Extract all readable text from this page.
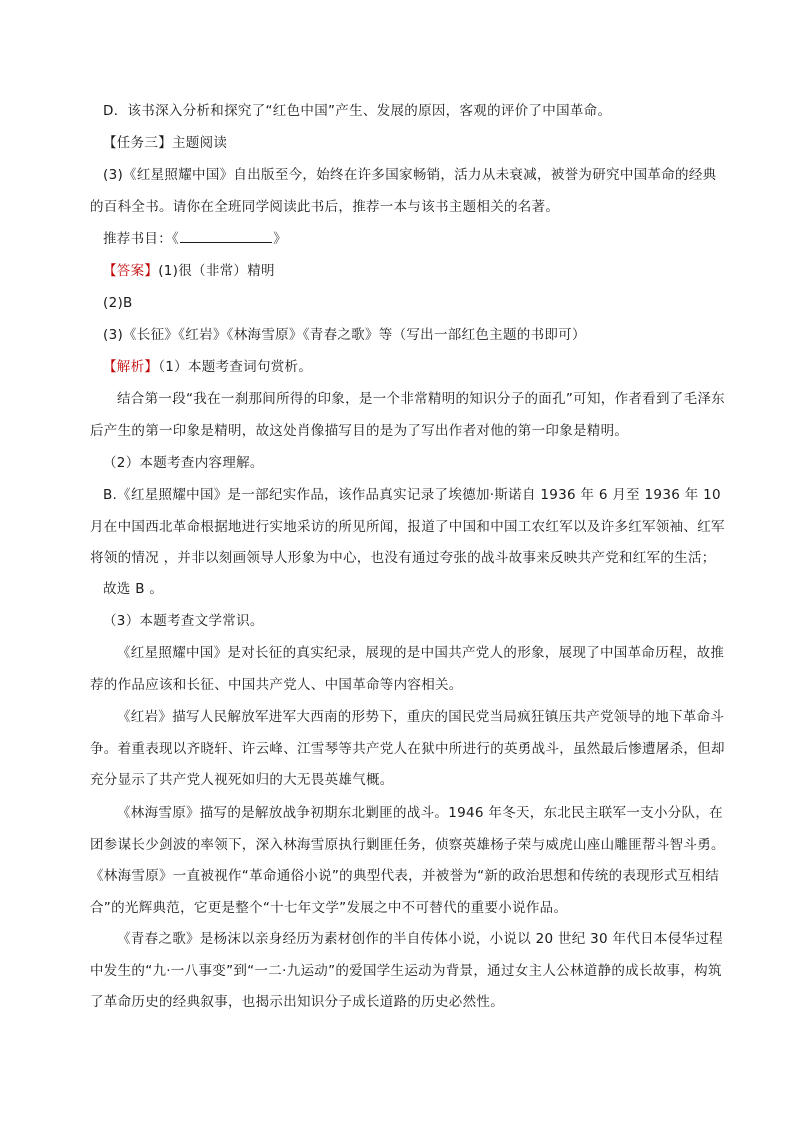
D．该书深入分析和探究了“红色中国”产生、发展的原因，客观的评价了中国革命。

【任务三】主题阅读

(3)《红星照耀中国》自出版至今，始终在许多国家畅销，活力从未衰减，被誉为研究中国革命的经典的百科全书。请你在全班同学阅读此书后，推荐一本与该书主题相关的名著。

推荐书目：《	》

【答案】(1)很（非常）精明

(2)B

(3)《长征》《红岩》《林海雪原》《青春之歌》等（写出一部红色主题的书即可）

【解析】（1）本题考查词句赏析。

结合第一段“我在一刹那间所得的印象，是一个非常精明的知识分子的面孔”可知，作者看到了毛泽东后产生的第一印象是精明，故这处肖像描写目的是为了写出作者对他的第一印象是精明。

（2）本题考查内容理解。

B.《红星照耀中国》是一部纪实作品，该作品真实记录了埃德加·斯诺自 1936 年 6 月至 1936 年 10 月在中国西北革命根据地进行实地采访的所见所闻，报道了中国和中国工农红军以及许多红军领袖、红军将领的情况 ，并非以刻画领导人形象为中心，也没有通过夸张的战斗故事来反映共产党和红军的生活；

故选 B 。

（3）本题考查文学常识。

《红星照耀中国》是对长征的真实纪录，展现的是中国共产党人的形象，展现了中国革命历程，故推荐的作品应该和长征、中国共产党人、中国革命等内容相关。

《红岩》描写人民解放军进军大西南的形势下，重庆的国民党当局疯狂镇压共产党领导的地下革命斗争。着重表现以齐晓轩、许云峰、江雪琴等共产党人在狱中所进行的英勇战斗，虽然最后惨遭屠杀，但却充分显示了共产党人视死如归的大无畏英雄气概。

《林海雪原》描写的是解放战争初期东北剿匪的战斗。1946 年冬天，东北民主联军一支小分队，在团参谋长少剑波的率领下，深入林海雪原执行剿匪任务，侦察英雄杨子荣与威虎山座山雕匪帮斗智斗勇。《林海雪原》一直被视作“革命通俗小说”的典型代表，并被誉为“新的政治思想和传统的表现形式互相结合”的光辉典范，它更是整个“十七年文学”发展之中不可替代的重要小说作品。

《青春之歌》是杨沫以亲身经历为素材创作的半自传体小说，小说以 20 世纪 30 年代日本侵华过程中发生的“九·一八事变”到“一二·九运动”的爱国学生运动为背景，通过女主人公林道静的成长故事，构筑了革命历史的经典叙事，也揭示出知识分子成长道路的历史必然性。
